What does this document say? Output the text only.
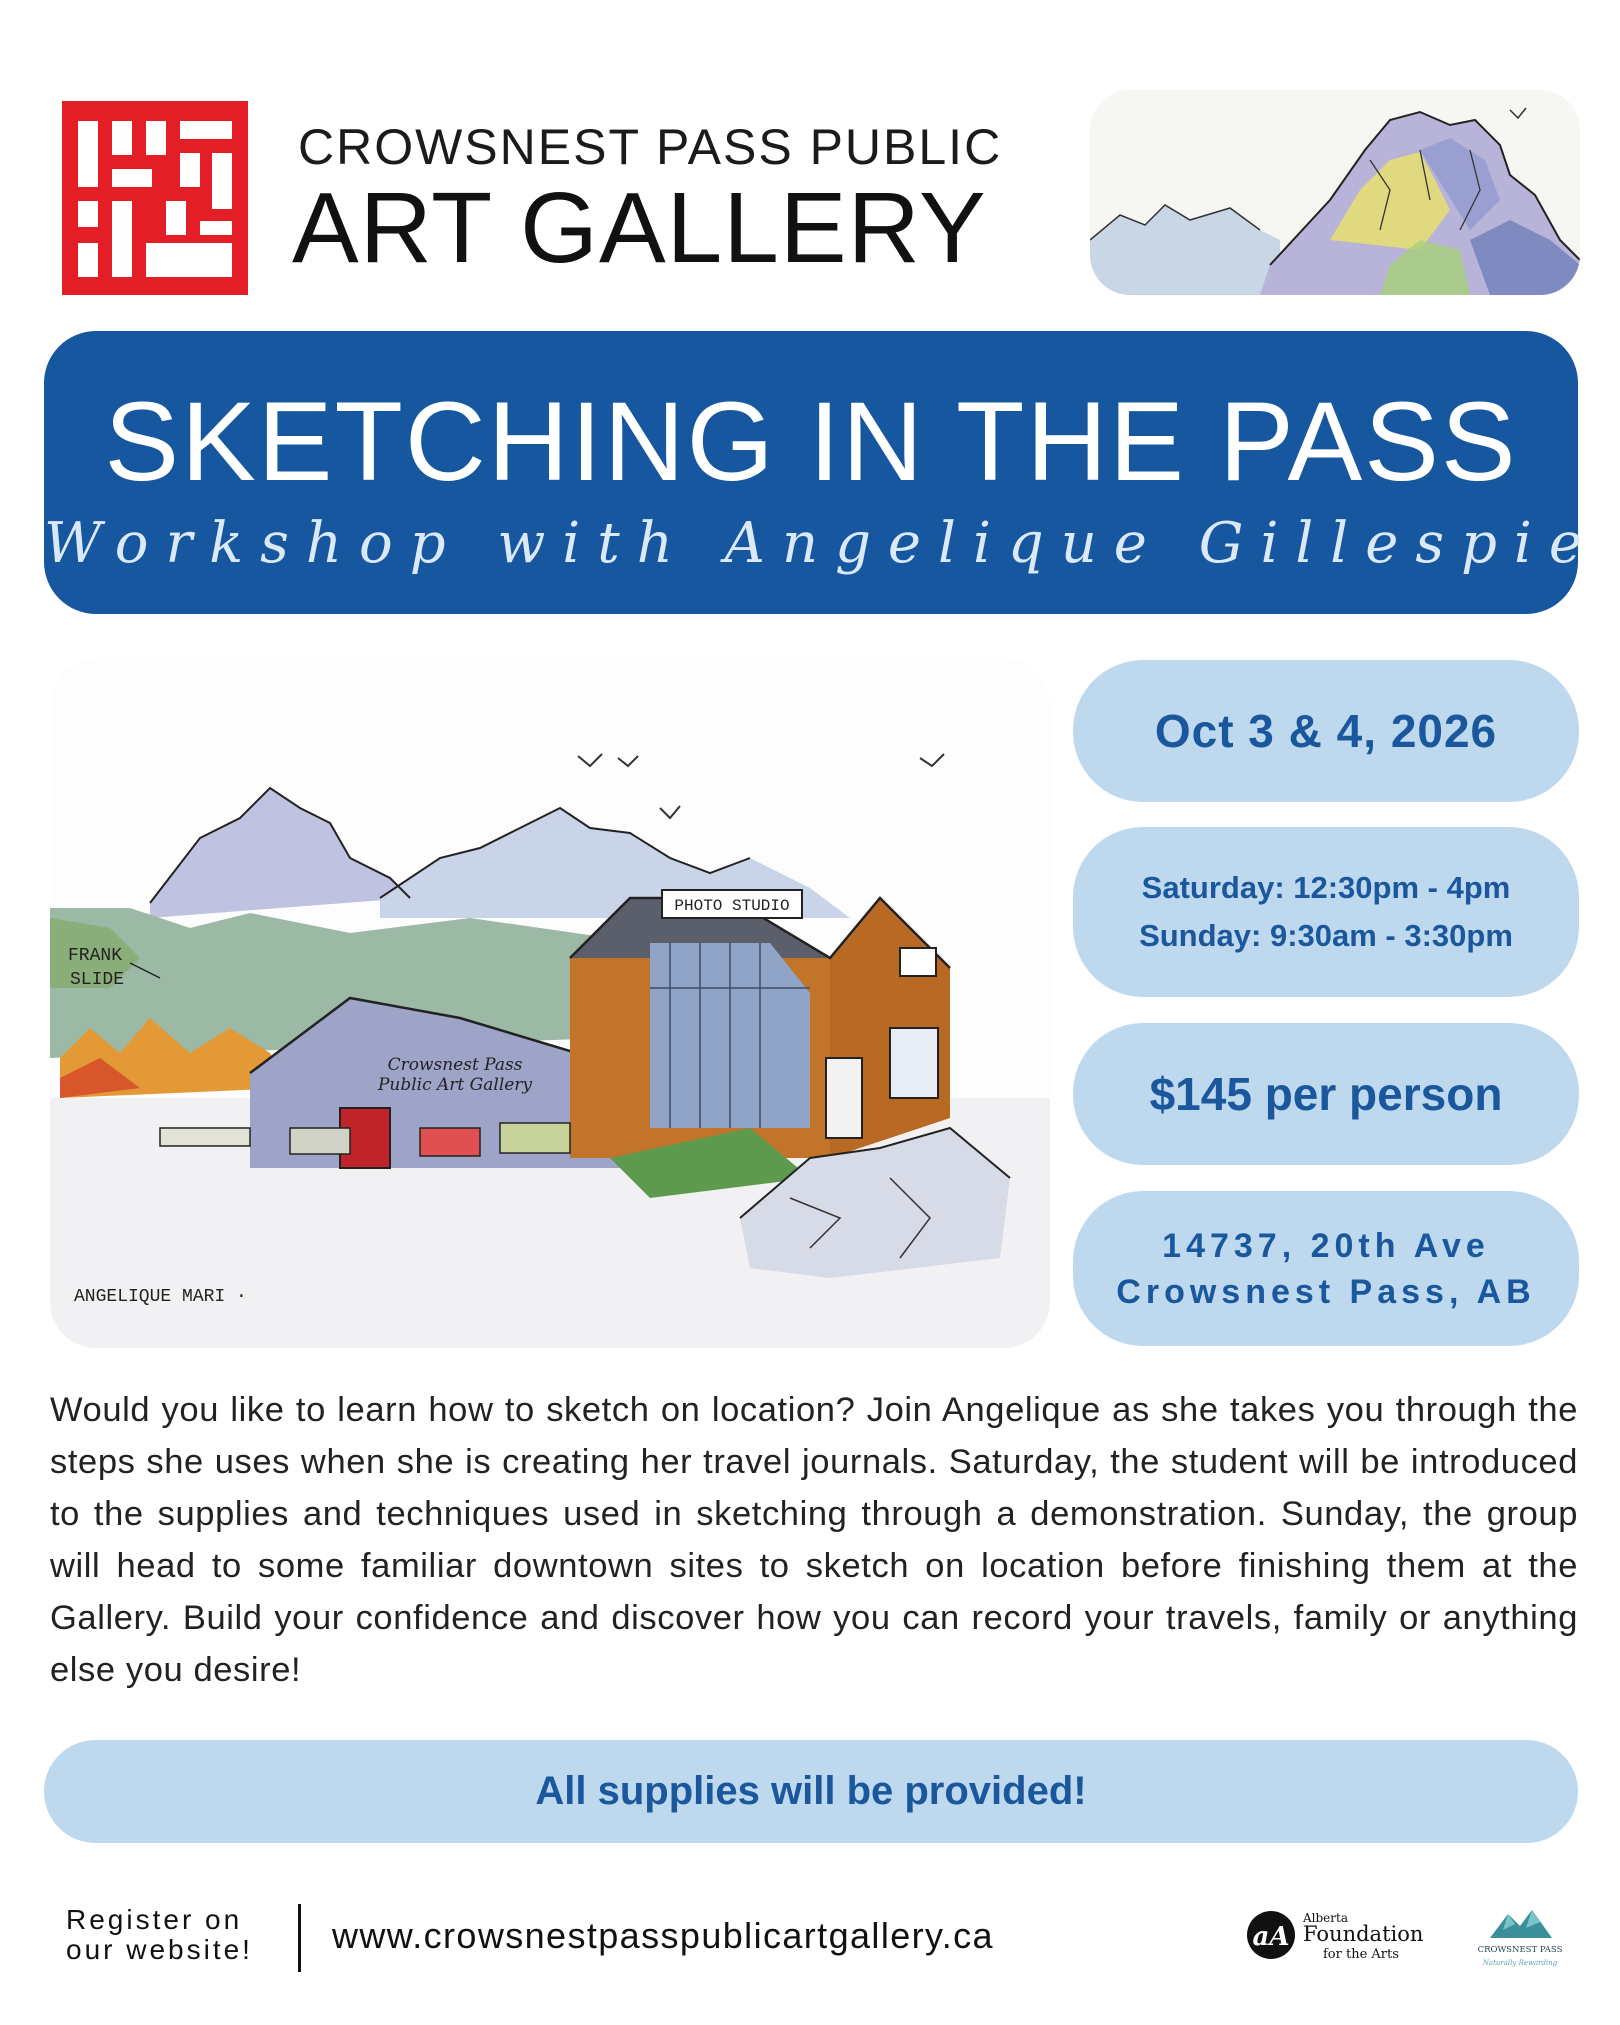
CROWSNEST PASS PUBLIC
ART GALLERY
SKETCHING IN THE PASS
Workshop with Angelique Gillespie
PHOTO STUDIO
Crowsnest Pass
Public Art Gallery
FRANK
SLIDE
ANGELIQUE MARI ·
Oct 3 & 4, 2026
Saturday: 12:30pm - 4pm
Sunday: 9:30am - 3:30pm
$145 per person
14737, 20th Ave
Crowsnest Pass, AB
Would you like to learn how to sketch on location? Join Angelique as she takes you through the steps she uses when she is creating her travel journals. Saturday, the student will be introduced to the supplies and techniques used in sketching through a demonstration. Sunday, the group will head to some familiar downtown sites to sketch on location before finishing them at the Gallery. Build your confidence and discover how you can record your travels, family or anything else you desire!
All supplies will be provided!
Register on
our website! www.crowsnestpasspublicartgallery.ca	aA
Alberta
Foundation
for the Arts	CROWSNEST PASS
Naturally Rewarding
